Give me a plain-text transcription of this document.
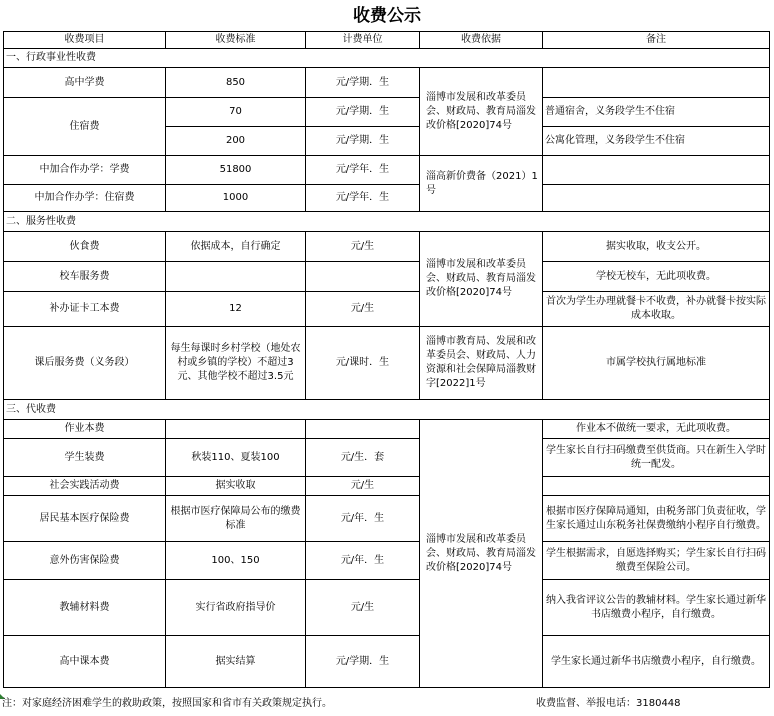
收费公示
收费项目	收费标准	计费单位	收费依据	备注
一、行政事业性收费				
高中学费	850	元/学期．生	淄博市发展和改革委员会、财政局、教育局淄发改价格[2020]74号	
住宿费	70	元/学期．生		普通宿舍，义务段学生不住宿
	200	元/学期．生		公寓化管理，义务段学生不住宿
中加合作办学：学费	51800	元/学年．生	淄高新价费备（2021）1号	
中加合作办学：住宿费	1000	元/学年．生		
二、服务性收费				
伙食费	依据成本，自行确定	元/生	淄博市发展和改革委员会、财政局、教育局淄发改价格[2020]74号	据实收取，收支公开。
校车服务费				学校无校车，无此项收费。
补办证卡工本费	12	元/生		首次为学生办理就餐卡不收费，补办就餐卡按实际成本收取。
课后服务费（义务段）	每生每课时乡村学校（地处农村或乡镇的学校）不超过3元、其他学校不超过3.5元	元/课时．生	淄博市教育局、发展和改革委员会、财政局、人力资源和社会保障局淄教财字[2022]1号	市属学校执行属地标准
三、代收费				
作业本费			淄博市发展和改革委员会、财政局、教育局淄发改价格[2020]74号	作业本不做统一要求，无此项收费。
学生装费	秋装110、夏装100	元/生．套		学生家长自行扫码缴费至供货商。只在新生入学时统一配发。
社会实践活动费	据实收取	元/生		
居民基本医疗保险费	根据市医疗保障局公布的缴费标准	元/年．生		根据市医疗保障局通知，由税务部门负责征收，学生家长通过山东税务社保费缴纳小程序自行缴费。
意外伤害保险费	100、150	元/年．生		学生根据需求，自愿选择购买；学生家长自行扫码缴费至保险公司。
教辅材料费	实行省政府指导价	元/生		纳入我省评议公告的教辅材料。学生家长通过新华书店缴费小程序，自行缴费。
高中课本费	据实结算	元/学期．生		学生家长通过新华书店缴费小程序，自行缴费。
注：对家庭经济困难学生的救助政策，按照国家和省市有关政策规定执行。	收费监督、举报电话：3180448
